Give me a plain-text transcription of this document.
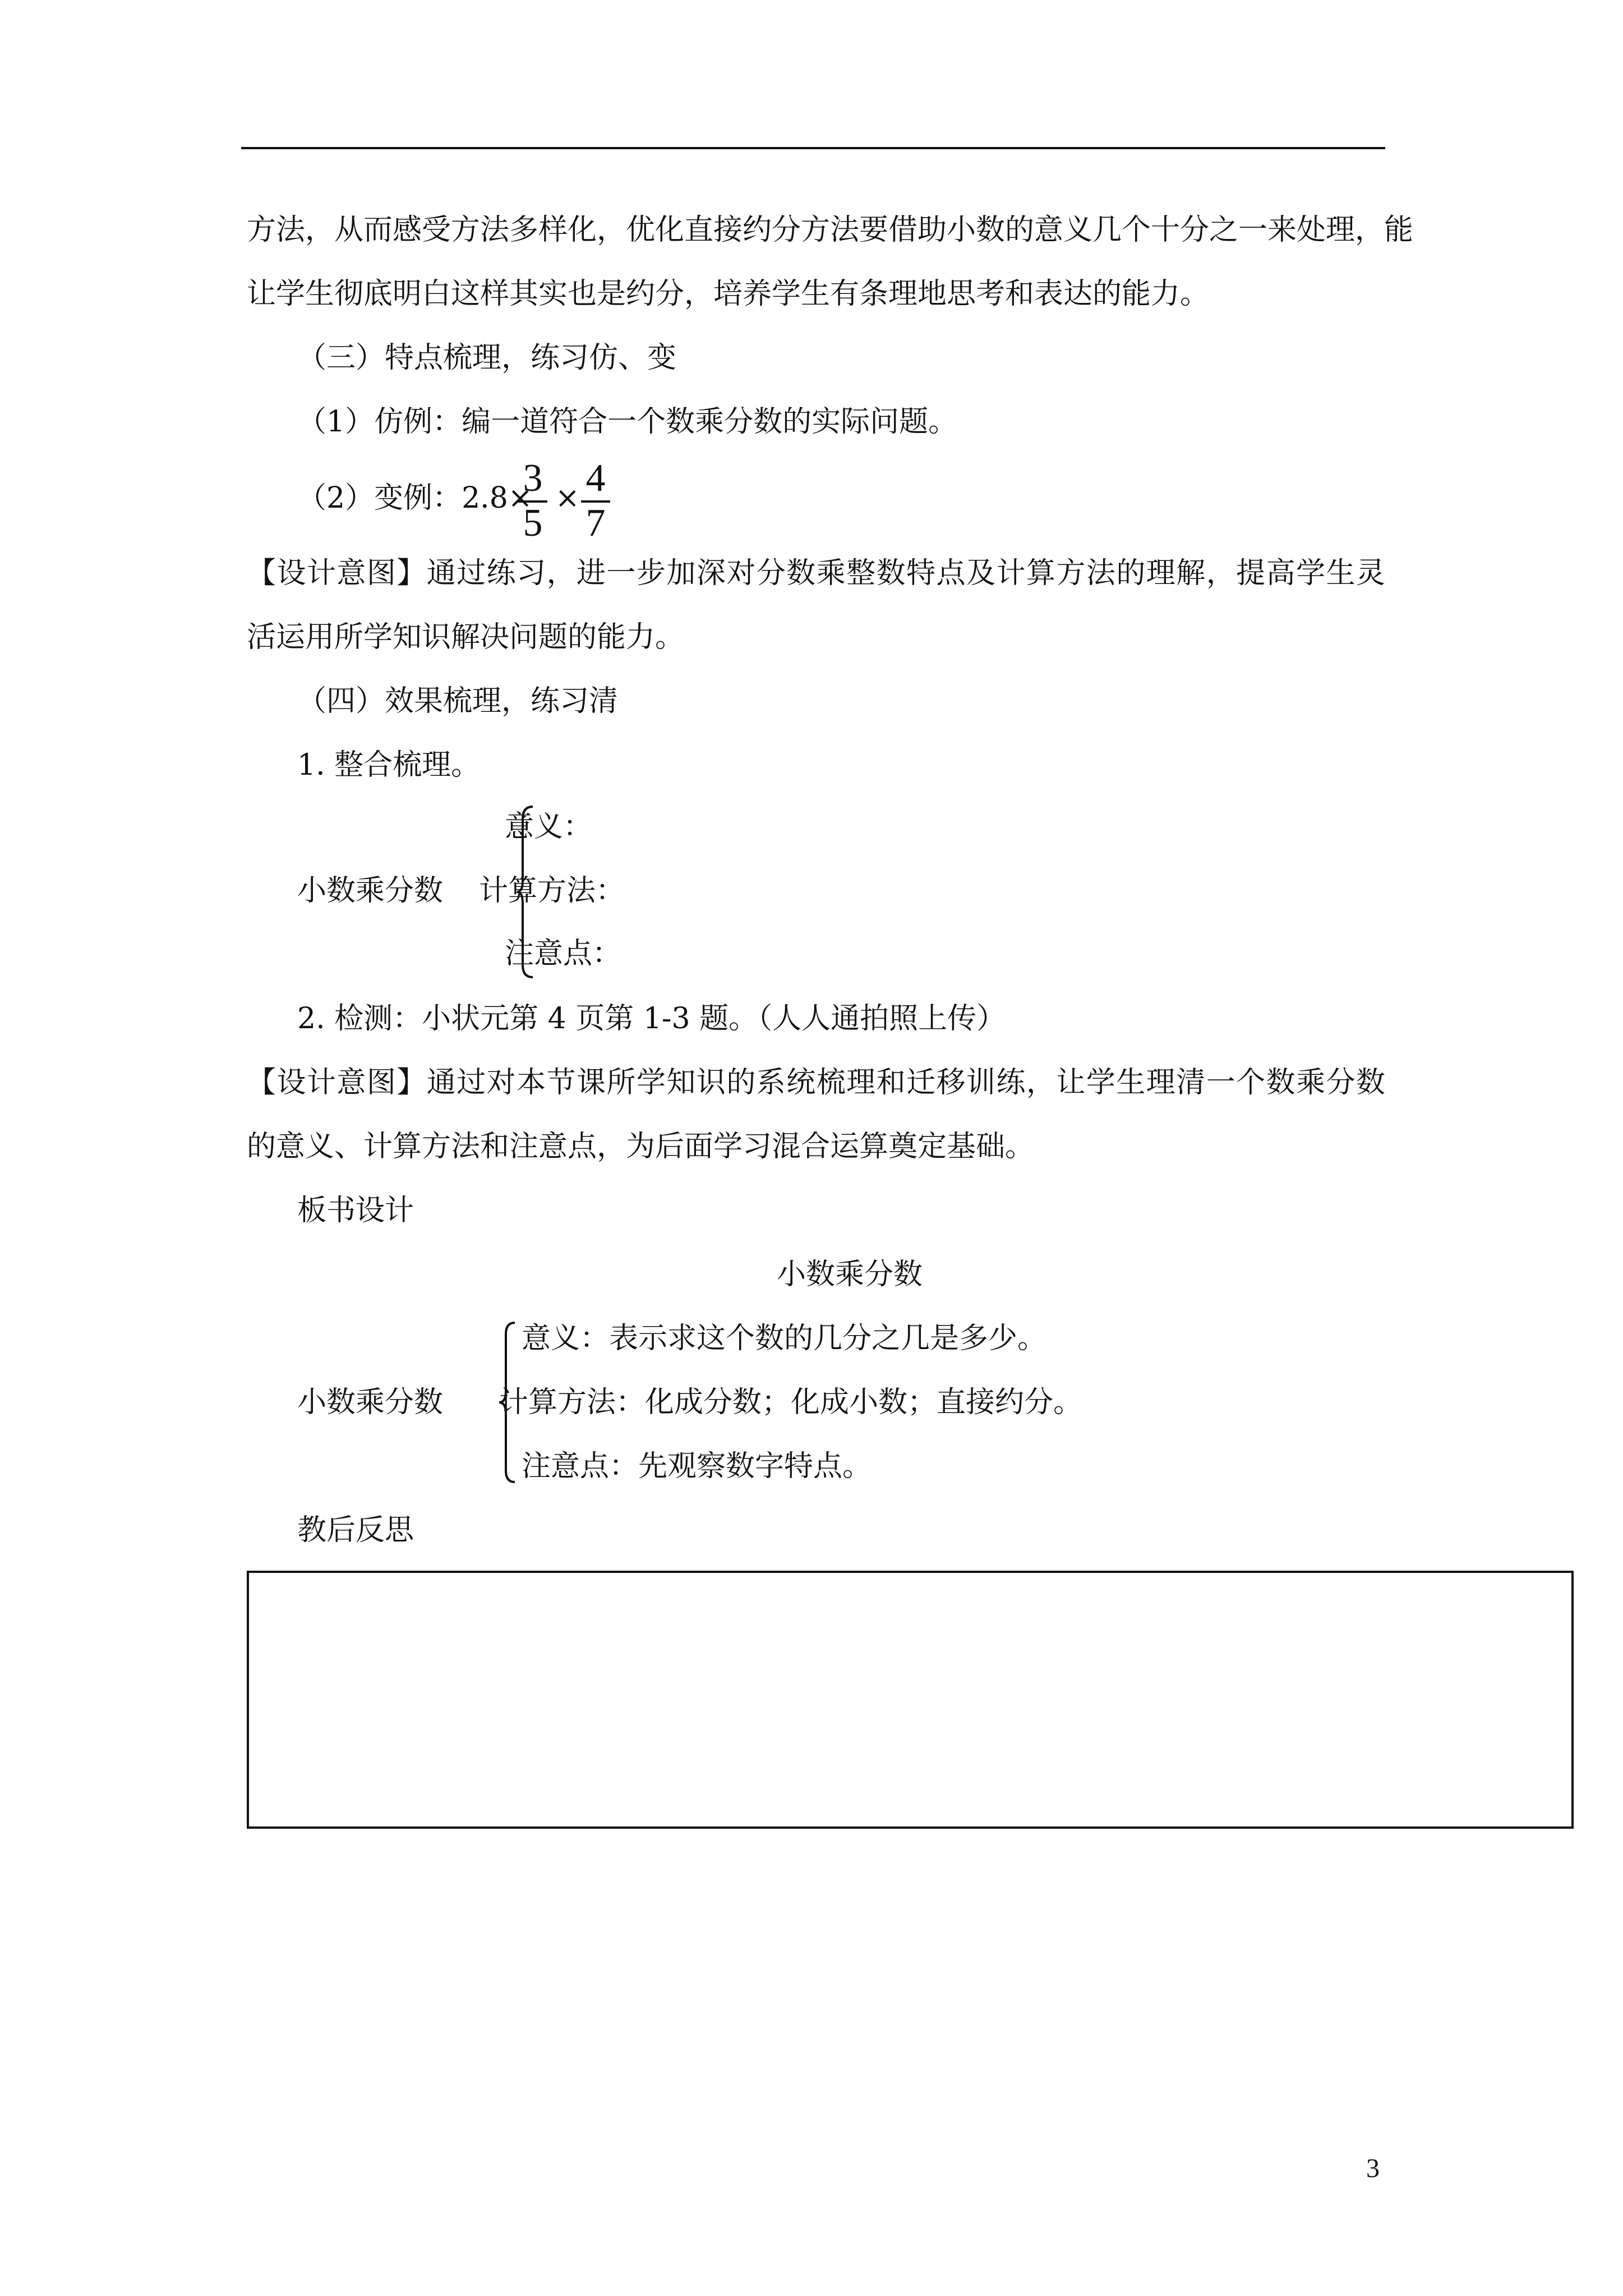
方法，从而感受方法多样化，优化直接约分方法要借助小数的意义几个十分之一来处理，能
让学生彻底明白这样其实也是约分，培养学生有条理地思考和表达的能力。
（三）特点梳理，练习仿、变
（1）仿例：编一道符合一个数乘分数的实际问题。
（2）变例：2.8×
3
5
× 4
7
【设计意图】通过练习，进一步加深对分数乘整数特点及计算方法的理解，提高学生灵
活运用所学知识解决问题的能力。
（四）效果梳理，练习清
1. 整合梳理。
意义：
小数乘分数 计算方法：
注意点：
2. 检测：小状元第 4 页第 1-3 题。（人人通拍照上传）
【设计意图】通过对本节课所学知识的系统梳理和迁移训练，让学生理清一个数乘分数
的意义、计算方法和注意点，为后面学习混合运算奠定基础。
板书设计
小数乘分数
意义：表示求这个数的几分之几是多少。
小数乘分数 计算方法：化成分数；化成小数；直接约分。
注意点：先观察数字特点。
教后反思
3
